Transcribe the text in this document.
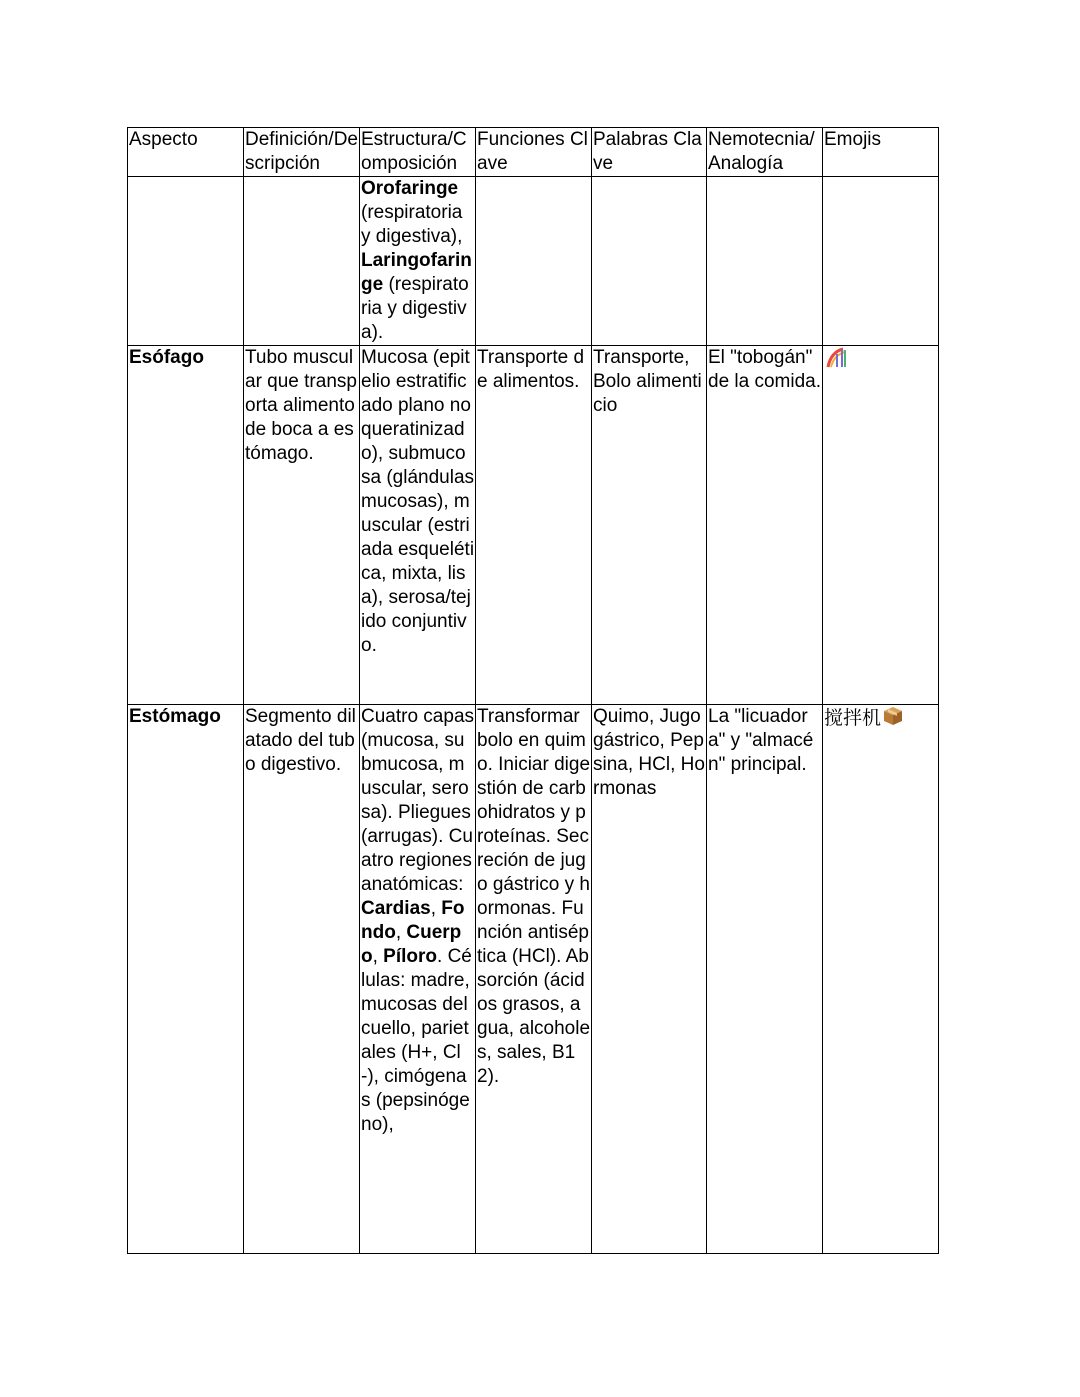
Aspecto	Definición/Descripción	Estructura/Composición	Funciones Clave	Palabras Clave	Nemotecnia/ Analogía	Emojis
		Orofaringe (respiratoria y digestiva), Laringofaringe (respiratoria y digestiva).				
Esófago	Tubo muscular que transporta alimento de boca a estómago.	Mucosa (epitelio estratificado plano no queratinizado), submucosa (glándulas mucosas), muscular (estriada esquelética, mixta, lisa), serosa/tejido conjuntivo.	Transporte de alimentos.	Transporte, Bolo alimenticio	El "tobogán" de la comida.	
Estómago	Segmento dilatado del tubo digestivo.	Cuatro capas (mucosa, submucosa, muscular, serosa). Pliegues (arrugas). Cuatro regiones anatómicas: Cardias, Fondo, Cuerpo, Píloro. Células: madre, mucosas del cuello, parietales (H+, Cl-), cimógenas (pepsinógeno),	Transformar bolo en quimo. Iniciar digestión de carbohidratos y proteínas. Secreción de jugo gástrico y hormonas. Función antiséptica (HCl). Absorción (ácidos grasos, agua, alcoholes, sales, B12).	Quimo, Jugo gástrico, Pepsina, HCl, Hormonas	La "licuadora" y "almacén" principal.	搅拌机
